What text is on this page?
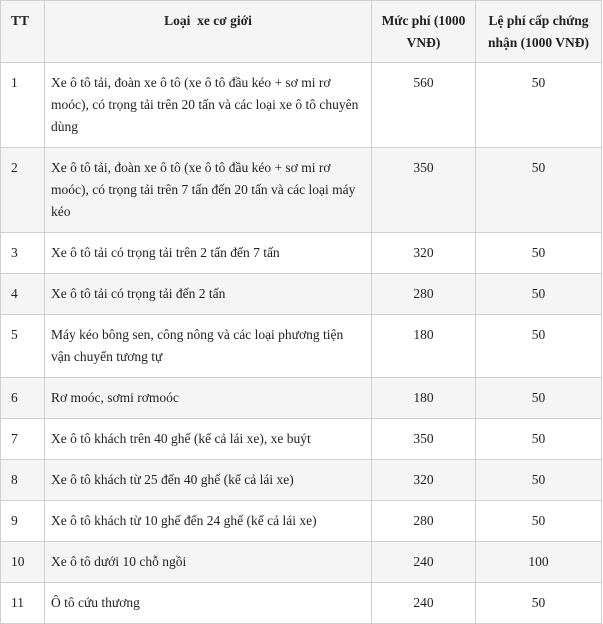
TT	Loại  xe cơ giới	Mức phí (1000 VNĐ)	Lệ phí cấp chứng nhận (1000 VNĐ)
1	Xe ô tô tải, đoàn xe ô tô (xe ô tô đầu kéo + sơ mi rơ moóc), có trọng tải trên 20 tấn và các loại xe ô tô chuyên dùng	560	50
2	Xe ô tô tải, đoàn xe ô tô (xe ô tô đầu kéo + sơ mi rơ moóc), có trọng tải trên 7 tấn đến 20 tấn và các loại máy kéo	350	50
3	Xe ô tô tải có trọng tải trên 2 tấn đến 7 tấn	320	50
4	Xe ô tô tải có trọng tải đến 2 tấn	280	50
5	Máy kéo bông sen, công nông và các loại phương tiện vận chuyển tương tự	180	50
6	Rơ moóc, sơmi rơmoóc	180	50
7	Xe ô tô khách trên 40 ghế (kể cả lái xe), xe buýt	350	50
8	Xe ô tô khách từ 25 đến 40 ghế (kể cả lái xe)	320	50
9	Xe ô tô khách từ 10 ghế đến 24 ghế (kể cả lái xe)	280	50
10	Xe ô tô dưới 10 chỗ ngồi	240	100
11	Ô tô cứu thương	240	50
